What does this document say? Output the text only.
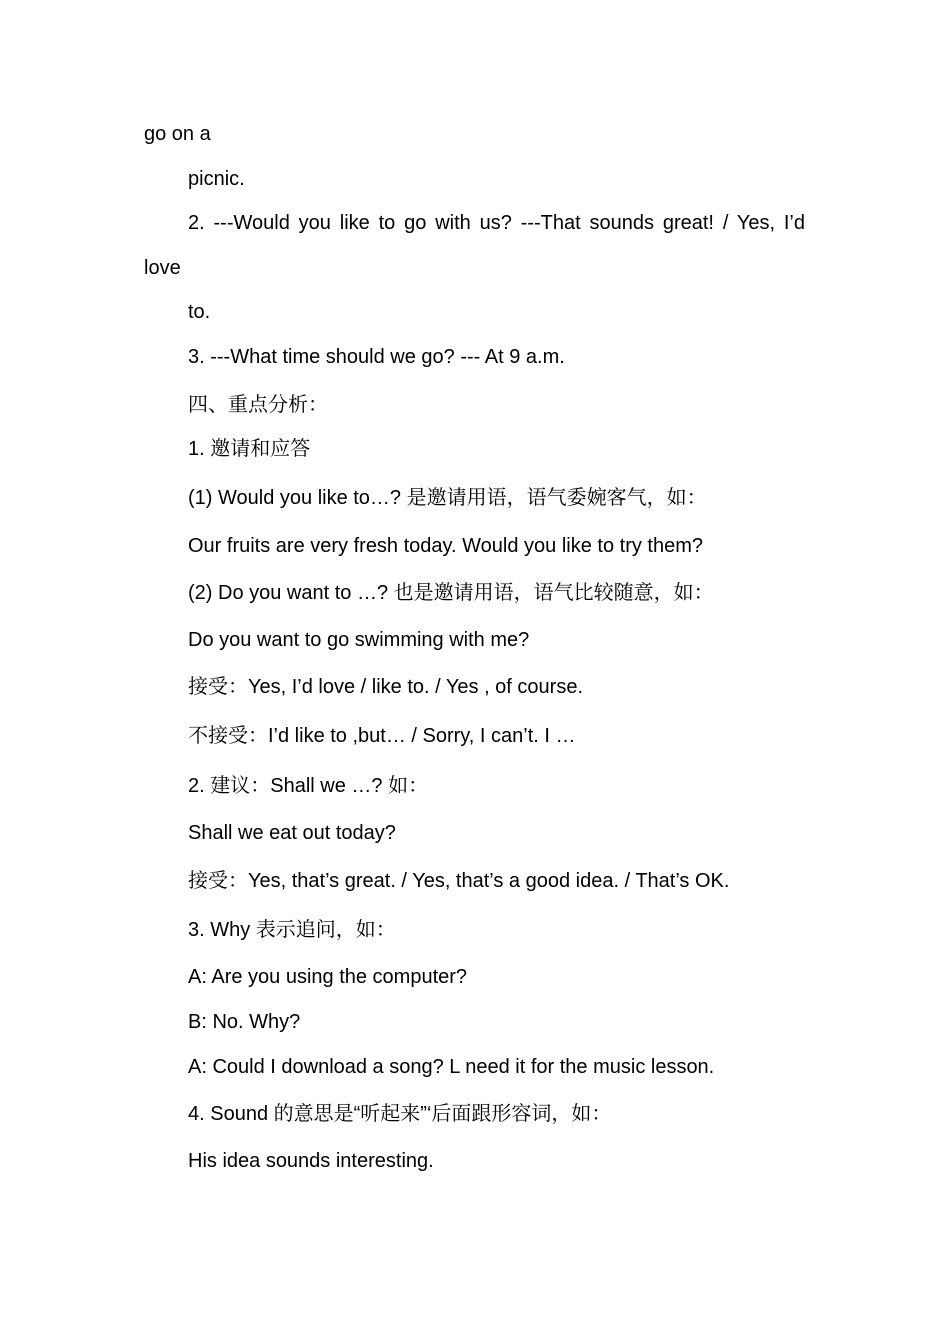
go on a
picnic.
2. ---Would you like to go with us? ---That sounds great! / Yes, I’d
love
to.
3. ---What time should we go? --- At 9 a.m.
四、重点分析：
1. 邀请和应答
(1) Would you like to…? 是邀请用语，语气委婉客气，如：
Our fruits are very fresh today. Would you like to try them?
(2) Do you want to …? 也是邀请用语，语气比较随意，如：
Do you want to go swimming with me?
接受：Yes, I’d love / like to. / Yes , of course.
不接受：I’d like to ,but… / Sorry, I can’t. I …
2. 建议：Shall we …? 如：
Shall we eat out today?
接受：Yes, that’s great. / Yes, that’s a good idea. / That’s OK.
3. Why 表示追问，如：
A: Are you using the computer?
B: No. Why?
A: Could I download a song? L need it for the music lesson.
4. Sound 的意思是“听起来”‘后面跟形容词，如：
His idea sounds interesting.
